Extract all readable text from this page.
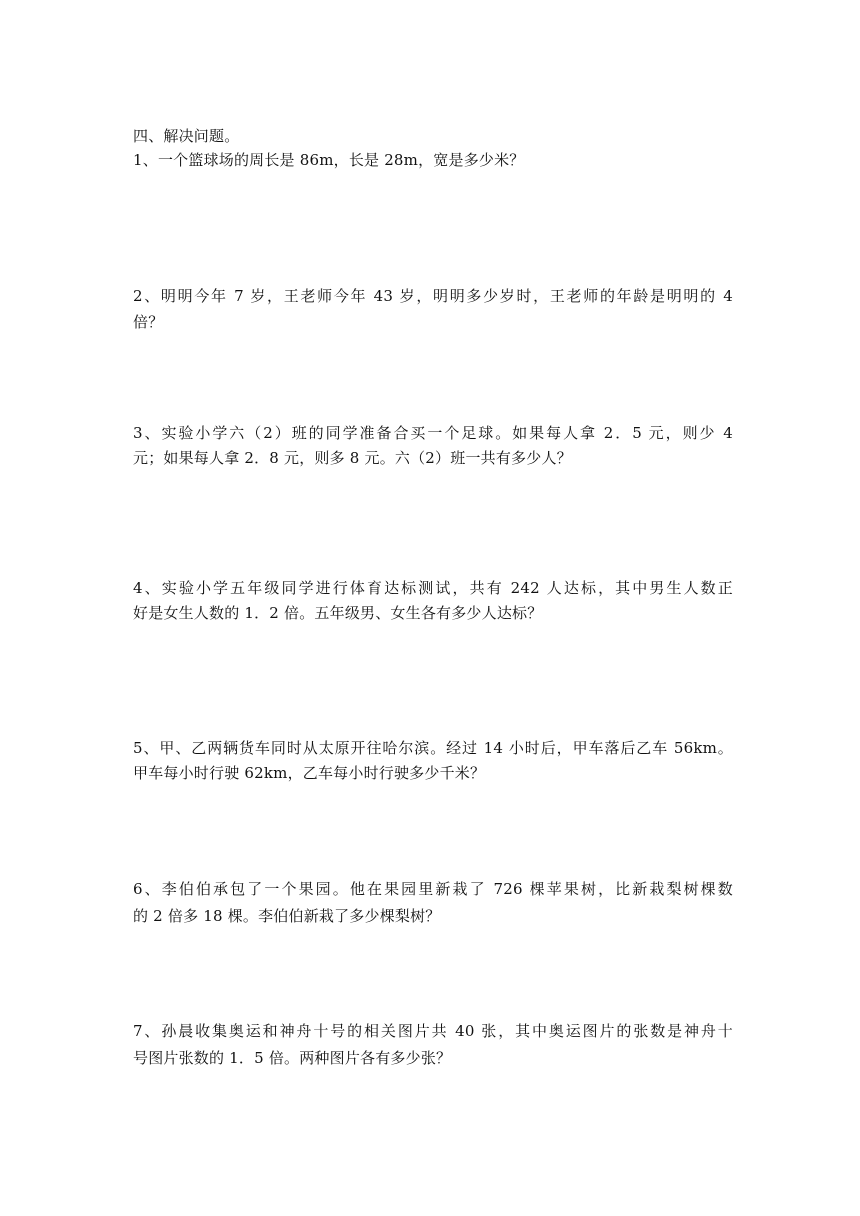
四、解决问题。
1、一个篮球场的周长是 86m，长是 28m，宽是多少米？
2、明明今年 7 岁，王老师今年 43 岁，明明多少岁时，王老师的年龄是明明的 4
倍？
3、实验小学六（2）班的同学准备合买一个足球。如果每人拿 2．5 元，则少 4
元；如果每人拿 2．8 元，则多 8 元。六（2）班一共有多少人？
4、实验小学五年级同学进行体育达标测试，共有 242 人达标，其中男生人数正
好是女生人数的 1．2 倍。五年级男、女生各有多少人达标？
5、甲、乙两辆货车同时从太原开往哈尔滨。经过 14 小时后，甲车落后乙车 56km。
甲车每小时行驶 62km，乙车每小时行驶多少千米？
6、李伯伯承包了一个果园。他在果园里新栽了 726 棵苹果树，比新栽梨树棵数
的 2 倍多 18 棵。李伯伯新栽了多少棵梨树？
7、孙晨收集奥运和神舟十号的相关图片共 40 张，其中奥运图片的张数是神舟十
号图片张数的 1．5 倍。两种图片各有多少张？
